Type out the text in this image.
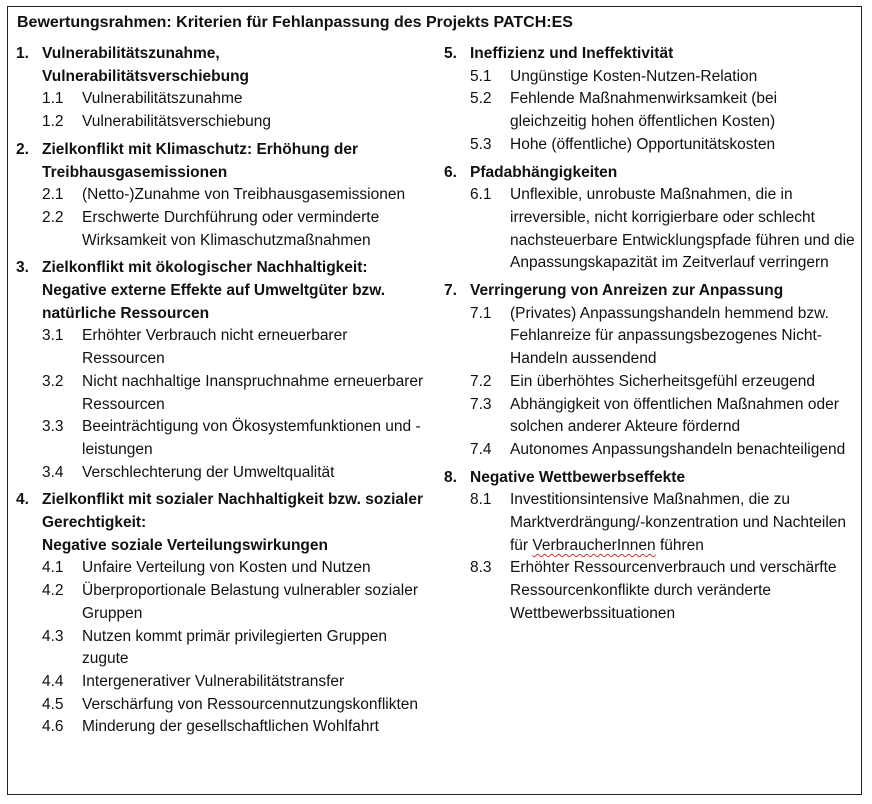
Bewertungsrahmen: Kriterien für Fehlanpassung des Projekts PATCH:ES
1. Vulnerabilitätszunahme,
Vulnerabilitätsverschiebung
1.1	Vulnerabilitätszunahme
1.2	Vulnerabilitätsverschiebung
2. Zielkonflikt mit Klimaschutz: Erhöhung der Treibhausgasemissionen
2.1	(Netto-)Zunahme von Treibhausgasemissionen
2.2	Erschwerte Durchführung oder verminderte Wirksamkeit von Klimaschutzmaßnahmen
3. Zielkonflikt mit ökologischer Nachhaltigkeit:
Negative externe Effekte auf Umweltgüter bzw. natürliche Ressourcen
3.1	Erhöhter Verbrauch nicht erneuerbarer Ressourcen
3.2	Nicht nachhaltige Inanspruchnahme erneuerbarer Ressourcen
3.3	Beeinträchtigung von Ökosystemfunktionen und -leistungen
3.4	Verschlechterung der Umweltqualität
4. Zielkonflikt mit sozialer Nachhaltigkeit bzw. sozialer Gerechtigkeit:
Negative soziale Verteilungswirkungen
4.1	Unfaire Verteilung von Kosten und Nutzen
4.2	Überproportionale Belastung vulnerabler sozialer Gruppen
4.3	Nutzen kommt primär privilegierten Gruppen zugute
4.4	Intergenerativer Vulnerabilitätstransfer
4.5	Verschärfung von Ressourcennutzungskonflikten
4.6	Minderung der gesellschaftlichen Wohlfahrt
5. Ineffizienz und Ineffektivität
5.1	Ungünstige Kosten-Nutzen-Relation
5.2	Fehlende Maßnahmenwirksamkeit (bei gleichzeitig hohen öffentlichen Kosten)
5.3	Hohe (öffentliche) Opportunitätskosten
6. Pfadabhängigkeiten
6.1	Unflexible, unrobuste Maßnahmen, die in irreversible, nicht korrigierbare oder schlecht nachsteuerbare Entwicklungspfade führen und die Anpassungskapazität im Zeitverlauf verringern
7. Verringerung von Anreizen zur Anpassung
7.1	(Privates) Anpassungshandeln hemmend bzw. Fehlanreize für anpassungsbezogenes Nicht-Handeln aussendend
7.2	Ein überhöhtes Sicherheitsgefühl erzeugend
7.3	Abhängigkeit von öffentlichen Maßnahmen oder solchen anderer Akteure fördernd
7.4	Autonomes Anpassungshandeln benachteiligend
8. Negative Wettbewerbseffekte
8.1	Investitionsintensive Maßnahmen, die zu Marktverdrängung/-konzentration und Nachteilen für VerbraucherInnen führen
8.3	Erhöhter Ressourcenverbrauch und verschärfte Ressourcenkonflikte durch veränderte Wettbewerbssituationen
